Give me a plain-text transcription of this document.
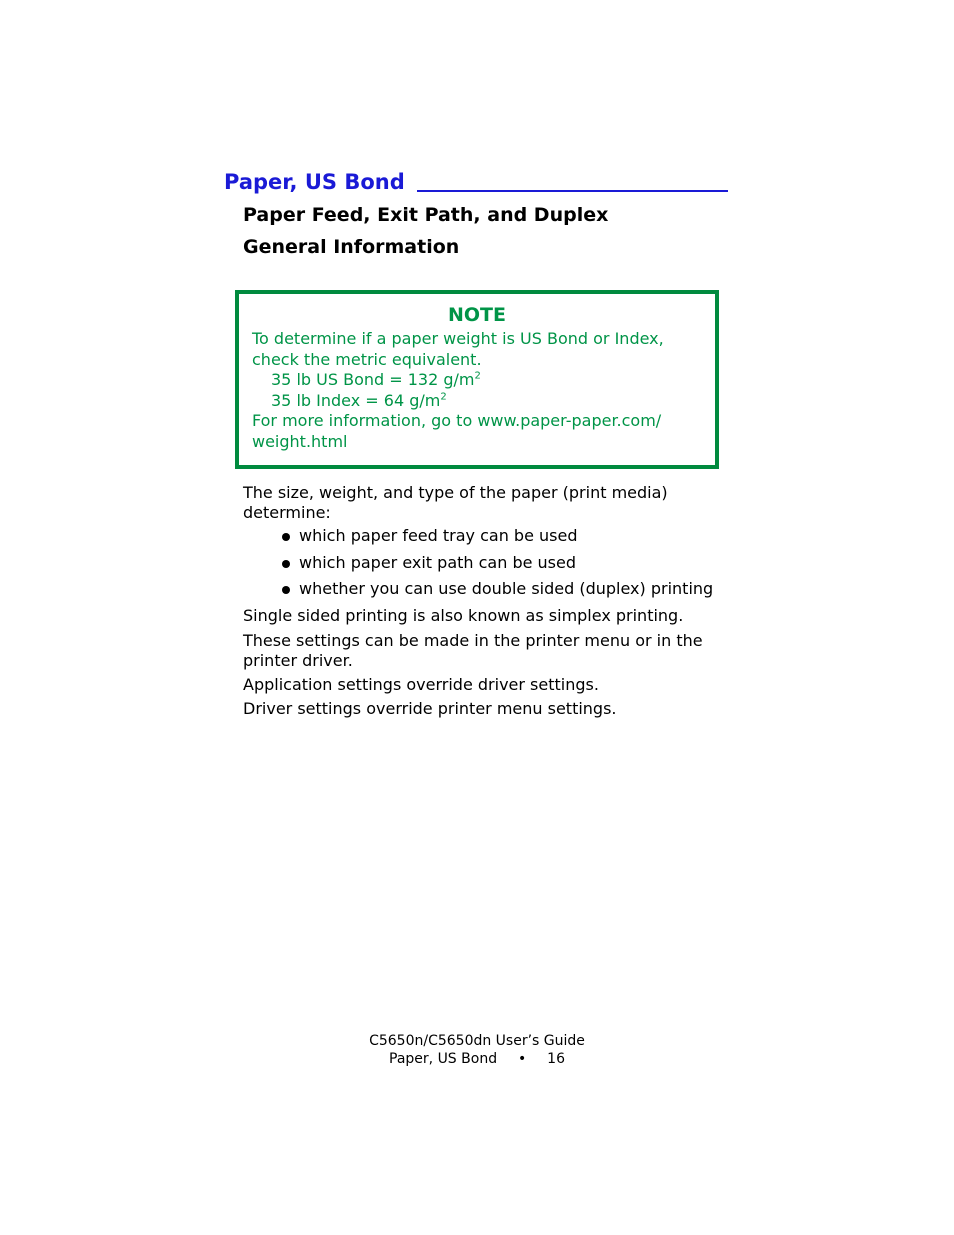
Paper, US Bond
Paper Feed, Exit Path, and Duplex
General Information
NOTE
To determine if a paper weight is US Bond or Index,
check the metric equivalent.
35 lb US Bond = 132 $g/m^2$
35 lb Index = 64 $g/m^2$
For more information, go to www.paper-paper.com/
weight.html
The size, weight, and type of the paper (print media)
determine:
which paper feed tray can be used
which paper exit path can be used
whether you can use double sided (duplex) printing
Single sided printing is also known as simplex printing.
These settings can be made in the printer menu or in the
printer driver.
Application settings override driver settings.
Driver settings override printer menu settings.
C5650n/C5650dn User’s Guide
Paper, US Bond • 16
